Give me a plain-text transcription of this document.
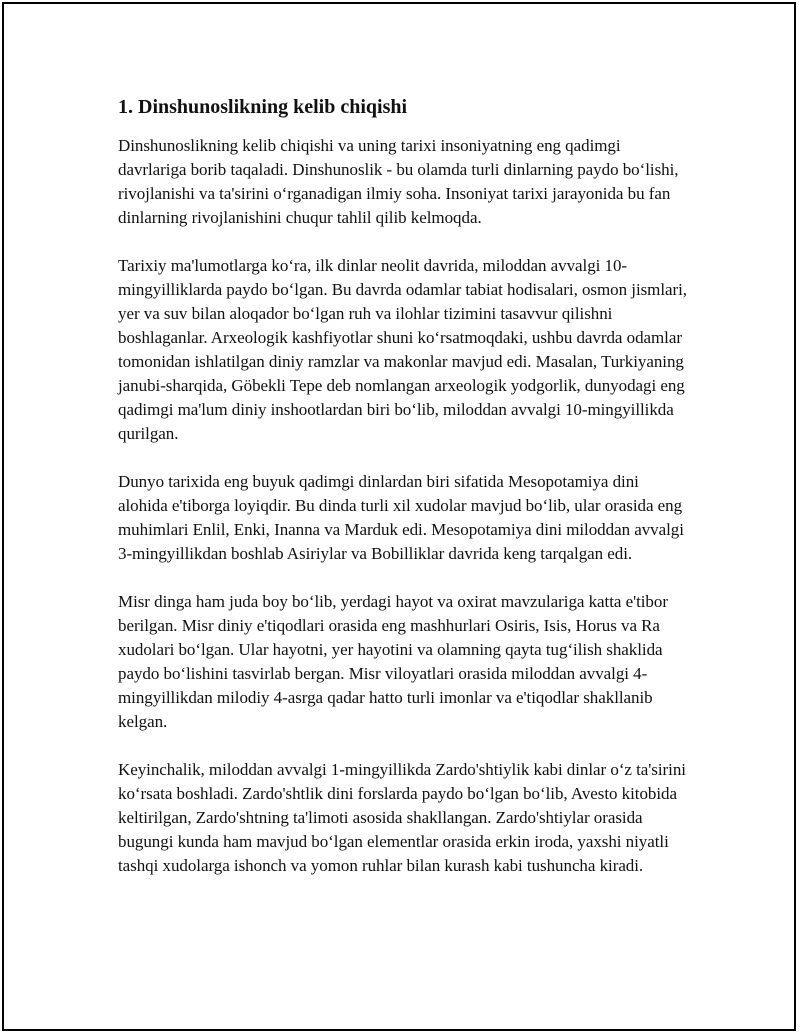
1. Dinshunoslikning kelib chiqishi

Dinshunoslikning kelib chiqishi va uning tarixi insoniyatning eng qadimgi davrlariga borib taqaladi. Dinshunoslik - bu olamda turli dinlarning paydo boʻlishi, rivojlanishi va ta'sirini oʻrganadigan ilmiy soha. Insoniyat tarixi jarayonida bu fan dinlarning rivojlanishini chuqur tahlil qilib kelmoqda.

Tarixiy ma'lumotlarga koʻra, ilk dinlar neolit davrida, miloddan avvalgi 10-mingyilliklarda paydo boʻlgan. Bu davrda odamlar tabiat hodisalari, osmon jismlari, yer va suv bilan aloqador boʻlgan ruh va ilohlar tizimini tasavvur qilishni boshlaganlar. Arxeologik kashfiyotlar shuni koʻrsatmoqdaki, ushbu davrda odamlar tomonidan ishlatilgan diniy ramzlar va makonlar mavjud edi. Masalan, Turkiyaning janubi-sharqida, Göbekli Tepe deb nomlangan arxeologik yodgorlik, dunyodagi eng qadimgi ma'lum diniy inshootlardan biri boʻlib, miloddan avvalgi 10-mingyillikda qurilgan.

Dunyo tarixida eng buyuk qadimgi dinlardan biri sifatida Mesopotamiya dini alohida e'tiborga loyiqdir. Bu dinda turli xil xudolar mavjud boʻlib, ular orasida eng muhimlari Enlil, Enki, Inanna va Marduk edi. Mesopotamiya dini miloddan avvalgi 3-mingyillikdan boshlab Asiriylar va Bobilliklar davrida keng tarqalgan edi.

Misr dinga ham juda boy boʻlib, yerdagi hayot va oxirat mavzulariga katta e'tibor berilgan. Misr diniy e'tiqodlari orasida eng mashhurlari Osiris, Isis, Horus va Ra xudolari boʻlgan. Ular hayotni, yer hayotini va olamning qayta tugʻilish shaklida paydo boʻlishini tasvirlab bergan. Misr viloyatlari orasida miloddan avvalgi 4-mingyillikdan milodiy 4-asrga qadar hatto turli imonlar va e'tiqodlar shakllanib kelgan.

Keyinchalik, miloddan avvalgi 1-mingyillikda Zardo'shtiylik kabi dinlar oʻz ta'sirini koʻrsata boshladi. Zardo'shtlik dini forslarda paydo boʻlgan boʻlib, Avesto kitobida keltirilgan, Zardo'shtning ta'limoti asosida shakllangan. Zardo'shtiylar orasida bugungi kunda ham mavjud boʻlgan elementlar orasida erkin iroda, yaxshi niyatli tashqi xudolarga ishonch va yomon ruhlar bilan kurash kabi tushuncha kiradi.
